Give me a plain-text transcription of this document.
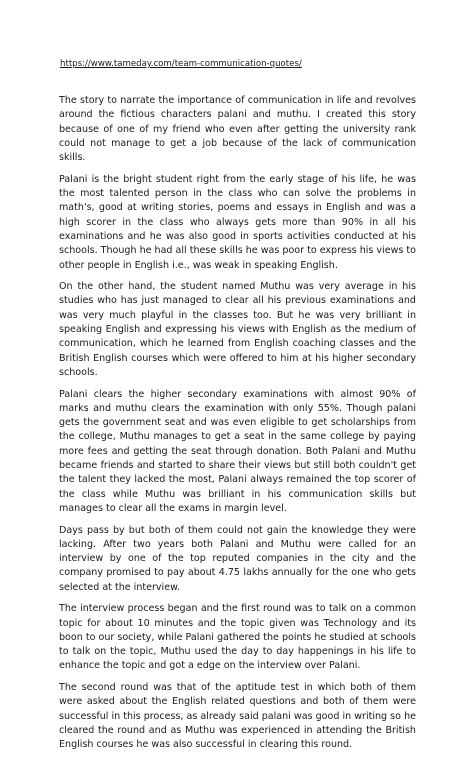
https://www.tameday.com/team-communication-quotes/

The story to narrate the importance of communication in life and revolves around the fictious characters palani and muthu. I created this story because of one of my friend who even after getting the university rank could not manage to get a job because of the lack of communication skills.

Palani is the bright student right from the early stage of his life, he was the most talented person in the class who can solve the problems in math's, good at writing stories, poems and essays in English and was a high scorer in the class who always gets more than 90% in all his examinations and he was also good in sports activities conducted at his schools. Though he had all these skills he was poor to express his views to other people in English i.e., was weak in speaking English.

On the other hand, the student named Muthu was very average in his studies who has just managed to clear all his previous examinations and was very much playful in the classes too. But he was very brilliant in speaking English and expressing his views with English as the medium of communication, which he learned from English coaching classes and the British English courses which were offered to him at his higher secondary schools.

Palani clears the higher secondary examinations with almost 90% of marks and muthu clears the examination with only 55%. Though palani gets the government seat and was even eligible to get scholarships from the college, Muthu manages to get a seat in the same college by paying more fees and getting the seat through donation. Both Palani and Muthu became friends and started to share their views but still both couldn't get the talent they lacked the most, Palani always remained the top scorer of the class while Muthu was brilliant in his communication skills but manages to clear all the exams in margin level.

Days pass by but both of them could not gain the knowledge they were lacking. After two years both Palani and Muthu were called for an interview by one of the top reputed companies in the city and the company promised to pay about 4.75 lakhs annually for the one who gets selected at the interview.

The interview process began and the first round was to talk on a common topic for about 10 minutes and the topic given was Technology and its boon to our society, while Palani gathered the points he studied at schools to talk on the topic, Muthu used the day to day happenings in his life to enhance the topic and got a edge on the interview over Palani.

The second round was that of the aptitude test in which both of them were asked about the English related questions and both of them were successful in this process, as already said palani was good in writing so he cleared the round and as Muthu was experienced in attending the British English courses he was also successful in clearing this round.
